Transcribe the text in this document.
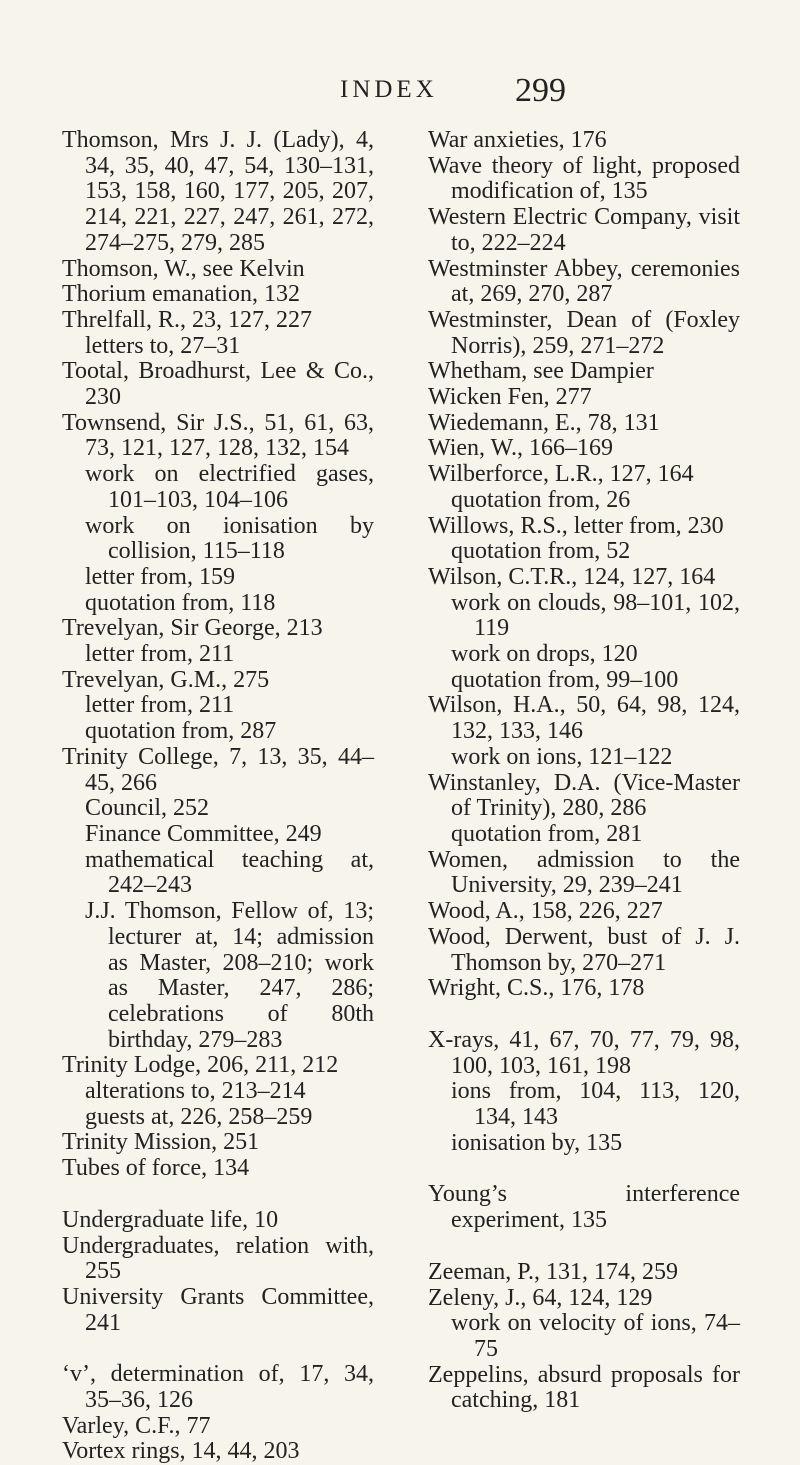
INDEX 299
Thomson, Mrs J. J. (Lady), 4, 34, 35, 40, 47, 54, 130–131, 153, 158, 160, 177, 205, 207, 214, 221, 227, 247, 261, 272, 274–275, 279, 285
Thomson, W., see Kelvin
Thorium emanation, 132
Threlfall, R., 23, 127, 227
letters to, 27–31
Tootal, Broadhurst, Lee & Co., 230
Townsend, Sir J.S., 51, 61, 63, 73, 121, 127, 128, 132, 154
work on electrified gases, 101–103, 104–106
work on ionisation by collision, 115–118
letter from, 159
quotation from, 118
Trevelyan, Sir George, 213
letter from, 211
Trevelyan, G.M., 275
letter from, 211
quotation from, 287
Trinity College, 7, 13, 35, 44–45, 266
Council, 252
Finance Committee, 249
mathematical teaching at, 242–243
J.J. Thomson, Fellow of, 13; lecturer at, 14; admission as Master, 208–210; work as Master, 247, 286; celebrations of 80th birthday, 279–283
Trinity Lodge, 206, 211, 212
alterations to, 213–214
guests at, 226, 258–259
Trinity Mission, 251
Tubes of force, 134
Undergraduate life, 10
Undergraduates, relation with, 255
University Grants Committee, 241
‘v’, determination of, 17, 34, 35–36, 126
Varley, C.F., 77
Vortex rings, 14, 44, 203
War anxieties, 176
Wave theory of light, proposed modification of, 135
Western Electric Company, visit to, 222–224
Westminster Abbey, ceremonies at, 269, 270, 287
Westminster, Dean of (Foxley Norris), 259, 271–272
Whetham, see Dampier
Wicken Fen, 277
Wiedemann, E., 78, 131
Wien, W., 166–169
Wilberforce, L.R., 127, 164
quotation from, 26
Willows, R.S., letter from, 230
quotation from, 52
Wilson, C.T.R., 124, 127, 164
work on clouds, 98–101, 102, 119
work on drops, 120
quotation from, 99–100
Wilson, H.A., 50, 64, 98, 124, 132, 133, 146
work on ions, 121–122
Winstanley, D.A. (Vice-Master of Trinity), 280, 286
quotation from, 281
Women, admission to the University, 29, 239–241
Wood, A., 158, 226, 227
Wood, Derwent, bust of J. J. Thomson by, 270–271
Wright, C.S., 176, 178
X-rays, 41, 67, 70, 77, 79, 98, 100, 103, 161, 198
ions from, 104, 113, 120, 134, 143
ionisation by, 135
Young’s interference experiment, 135
Zeeman, P., 131, 174, 259
Zeleny, J., 64, 124, 129
work on velocity of ions, 74–75
Zeppelins, absurd proposals for catching, 181
